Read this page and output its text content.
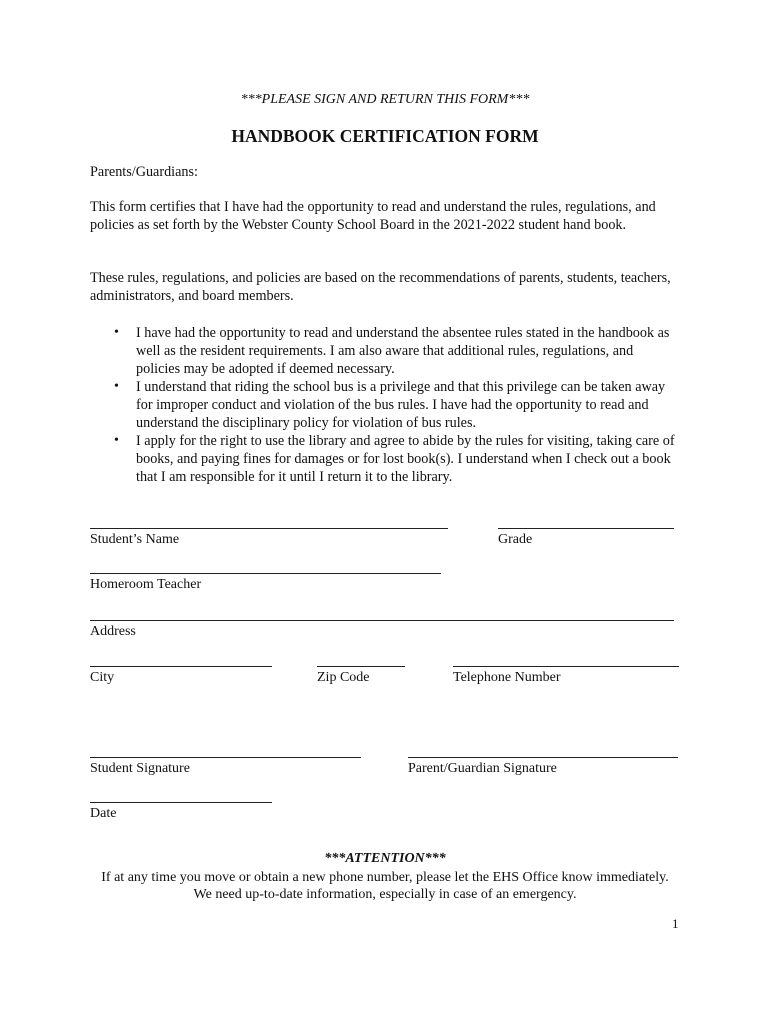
***PLEASE SIGN AND RETURN THIS FORM***
HANDBOOK CERTIFICATION FORM
Parents/Guardians:
This form certifies that I have had the opportunity to read and understand the rules, regulations, and policies as set forth by the Webster County School Board in the 2021-2022 student hand book.
These rules, regulations, and policies are based on the recommendations of parents, students, teachers, administrators, and board members.
• I have had the opportunity to read and understand the absentee rules stated in the handbook as well as the resident requirements. I am also aware that additional rules, regulations, and policies may be adopted if deemed necessary.
• I understand that riding the school bus is a privilege and that this privilege can be taken away for improper conduct and violation of the bus rules. I have had the opportunity to read and understand the disciplinary policy for violation of bus rules.
• I apply for the right to use the library and agree to abide by the rules for visiting, taking care of books, and paying fines for damages or for lost book(s). I understand when I check out a book that I am responsible for it until I return it to the library.
Student’s Name	Grade
Homeroom Teacher
Address
City	Zip Code	Telephone Number
Student Signature	Parent/Guardian Signature
Date
***ATTENTION***
If at any time you move or obtain a new phone number, please let the EHS Office know immediately.
We need up-to-date information, especially in case of an emergency.
1
